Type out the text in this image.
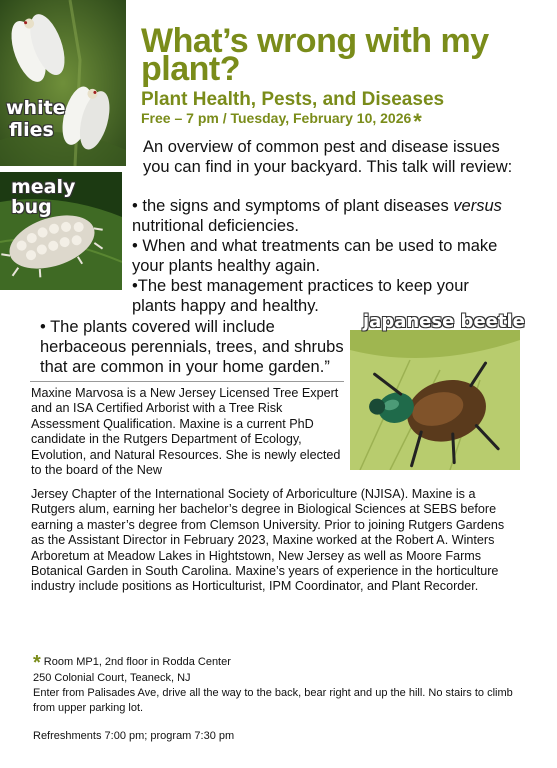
white
flies
mealy bug
What’s wrong with my plant?
Plant Health, Pests, and Diseases
Free – 7 pm / Tuesday, February 10, 2026*
An overview of common pest and disease issues you can find in your backyard. This talk will review:
• the signs and symptoms of plant diseases versus nutritional deficiencies.
• When and what treatments can be used to make your plants healthy again.
•The best management practices to keep your plants happy and healthy.
• The plants covered will include herbaceous perennials, trees, and shrubs that are common in your home garden.”
japanese beetle
Maxine Marvosa is a New Jersey Licensed Tree Expert and an ISA Certified Arborist with a Tree Risk Assessment Qualification. Maxine is a current PhD candidate in the Rutgers Department of Ecology, Evolution, and Natural Resources. She is newly elected to the board of the New
Jersey Chapter of the International Society of Arboriculture (NJISA). Maxine is a Rutgers alum, earning her bachelor’s degree in Biological Sciences at SEBS before earning a master’s degree from Clemson University. Prior to joining Rutgers Gardens as the Assistant Director in February 2023, Maxine worked at the Robert A. Winters Arboretum at Meadow Lakes in Hightstown, New Jersey as well as Moore Farms Botanical Garden in South Carolina. Maxine’s years of experience in the horticulture industry include positions as Horticulturist, IPM Coordinator, and Plant Recorder.
* Room MP1, 2nd floor in Rodda Center
250 Colonial Court, Teaneck, NJ
Enter from Palisades Ave, drive all the way to the back, bear right and up the hill. No stairs to climb from upper parking lot.
Refreshments 7:00 pm; program 7:30 pm
